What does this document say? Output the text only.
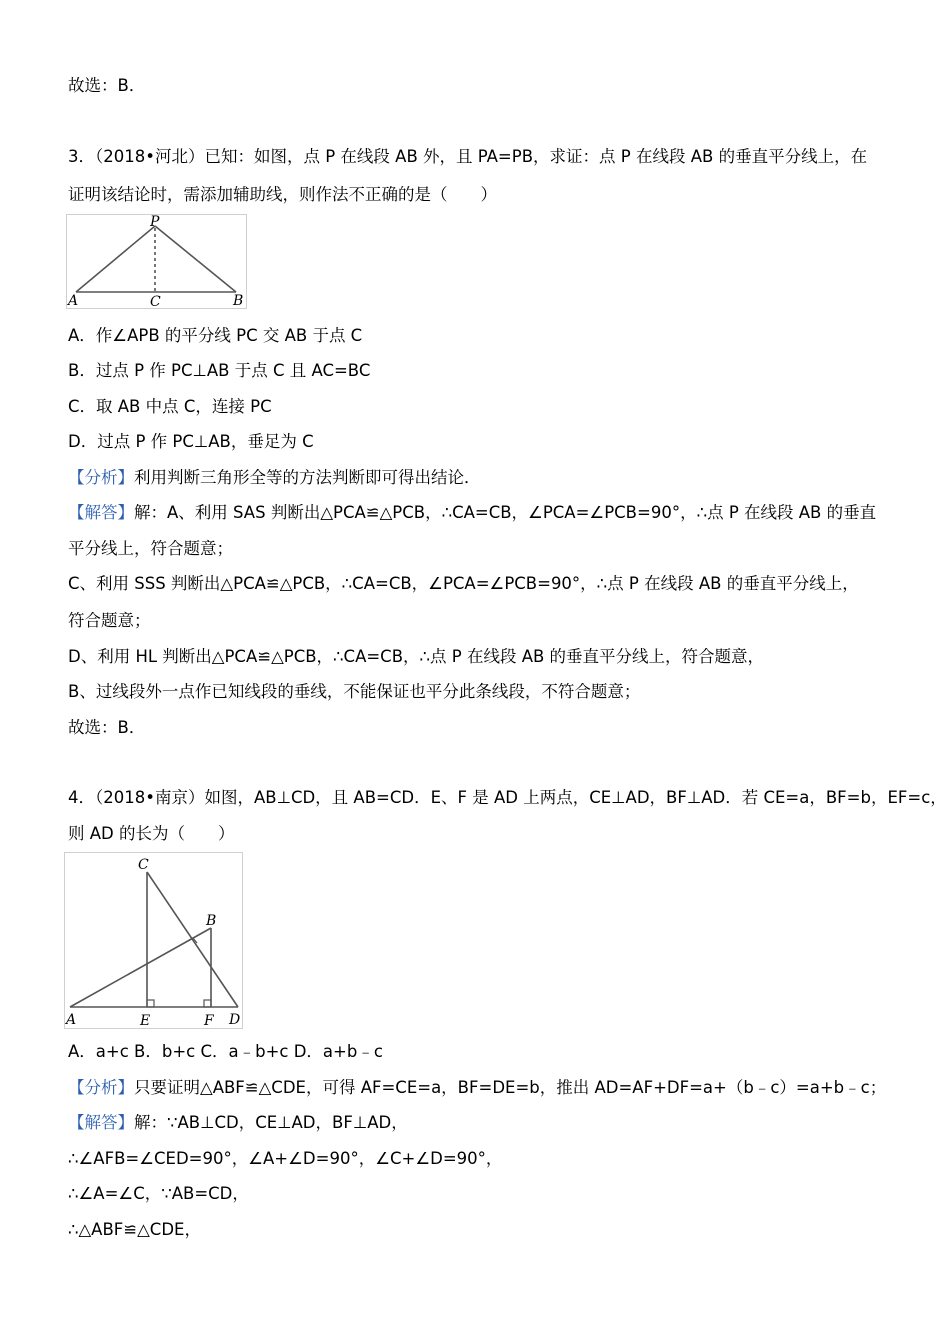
故选：B．
3．（2018•河北）已知：如图，点 P 在线段 AB 外，且 PA=PB，求证：点 P 在线段 AB 的垂直平分线上，在
证明该结论时，需添加辅助线，则作法不正确的是（　　）
P
A	C	B
A．作∠APB 的平分线 PC 交 AB 于点 C
B．过点 P 作 PC⊥AB 于点 C 且 AC=BC
C．取 AB 中点 C，连接 PC
D．过点 P 作 PC⊥AB，垂足为 C
【分析】利用判断三角形全等的方法判断即可得出结论．
【解答】解：A、利用 SAS 判断出△PCA≌△PCB，∴CA=CB，∠PCA=∠PCB=90°，∴点 P 在线段 AB 的垂直
平分线上，符合题意；
C、利用 SSS 判断出△PCA≌△PCB，∴CA=CB，∠PCA=∠PCB=90°，∴点 P 在线段 AB 的垂直平分线上，
符合题意；
D、利用 HL 判断出△PCA≌△PCB，∴CA=CB，∴点 P 在线段 AB 的垂直平分线上，符合题意，
B、过线段外一点作已知线段的垂线，不能保证也平分此条线段，不符合题意；
故选：B．
4．（2018•南京）如图，AB⊥CD，且 AB=CD．E、F 是 AD 上两点，CE⊥AD，BF⊥AD．若 CE=a，BF=b，EF=c，
则 AD 的长为（　　）
C
B
A	E	F D
A．a+c B．b+c C．a﹣b+c D．a+b﹣c
【分析】只要证明△ABF≌△CDE，可得 AF=CE=a，BF=DE=b，推出 AD=AF+DF=a+（b﹣c）=a+b﹣c；
【解答】解：∵AB⊥CD，CE⊥AD，BF⊥AD，
∴∠AFB=∠CED=90°，∠A+∠D=90°，∠C+∠D=90°，
∴∠A=∠C，∵AB=CD，
∴△ABF≌△CDE，
